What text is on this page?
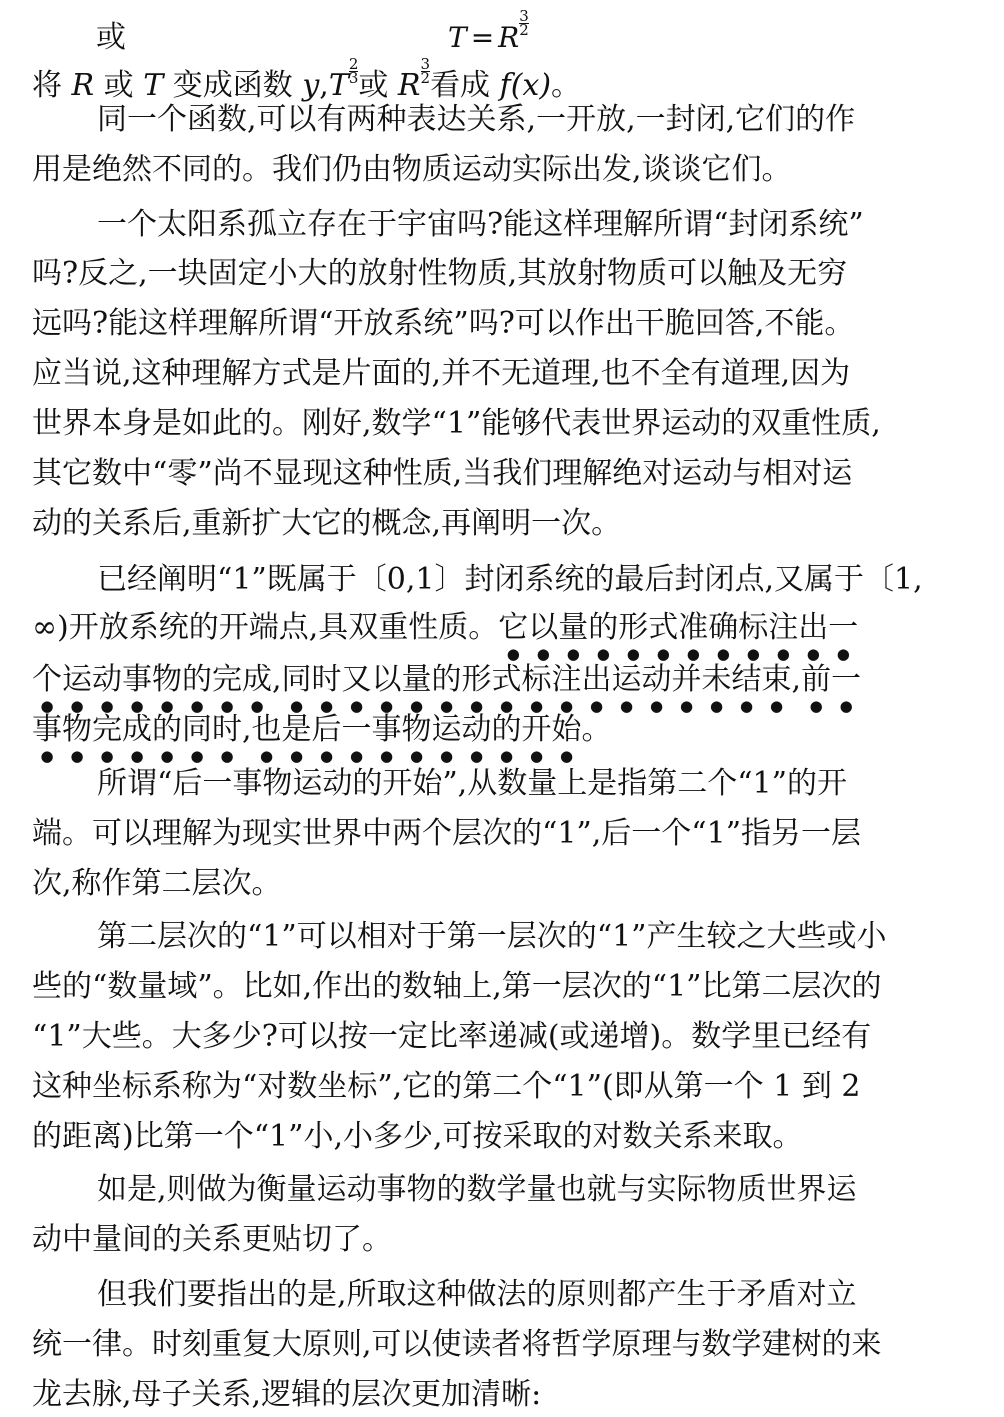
或	T = R $\frac{3}{2}$
将 R 或 T 变成函数 $y,T \frac{2}{3}$ 或 R $\frac{3}{2}$ 看成 f(x)。
同一个函数,可以有两种表达关系,一开放,一封闭,它们的作
用是绝然不同的。我们仍由物质运动实际出发,谈谈它们。
一个太阳系孤立存在于宇宙吗?能这样理解所谓“封闭系统”
吗?反之,一块固定小大的放射性物质,其放射物质可以触及无穷
远吗?能这样理解所谓“开放系统”吗?可以作出干脆回答,不能。
应当说,这种理解方式是片面的,并不无道理,也不全有道理,因为
世界本身是如此的。刚好,数学“1”能够代表世界运动的双重性质,
其它数中“零”尚不显现这种性质,当我们理解绝对运动与相对运
动的关系后,重新扩大它的概念,再阐明一次。
已经阐明“1”既属于〔0,1〕封闭系统的最后封闭点,又属于〔1,
∞)开放系统的开端点,具双重性质。它以量的形式准确标注出一
个运动事物的完成,同时又以量的形式标注出运动并未结束,前一
事物完成的同时,也是后一事物运动的开始。
所谓“后一事物运动的开始”,从数量上是指第二个“1”的开
端。可以理解为现实世界中两个层次的“1”,后一个“1”指另一层
次,称作第二层次。
第二层次的“1”可以相对于第一层次的“1”产生较之大些或小
些的“数量域”。比如,作出的数轴上,第一层次的“1”比第二层次的
“1”大些。大多少?可以按一定比率递减(或递增)。数学里已经有
这种坐标系称为“对数坐标”,它的第二个“1”(即从第一个 1 到 2
的距离)比第一个“1”小,小多少,可按采取的对数关系来取。
如是,则做为衡量运动事物的数学量也就与实际物质世界运
动中量间的关系更贴切了。
但我们要指出的是,所取这种做法的原则都产生于矛盾对立
统一律。时刻重复大原则,可以使读者将哲学原理与数学建树的来
龙去脉,母子关系,逻辑的层次更加清晰:
